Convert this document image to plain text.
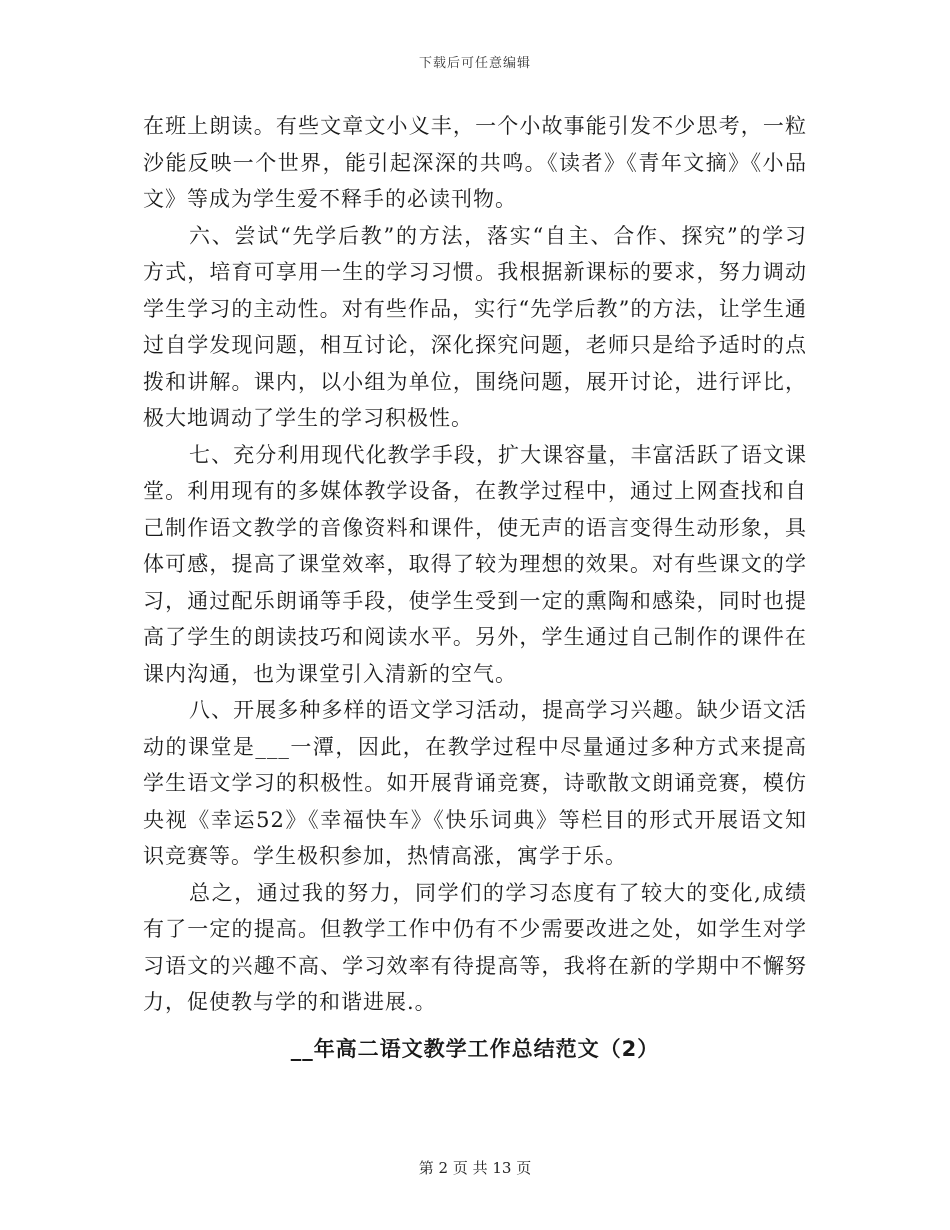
下载后可任意编辑

在班上朗读。有些文章文小义丰，一个小故事能引发不少思考，一粒沙能反映一个世界，能引起深深的共鸣。《读者》《青年文摘》《小品文》等成为学生爱不释手的必读刊物。

六、尝试“先学后教”的方法，落实“自主、合作、探究”的学习方式，培育可享用一生的学习习惯。我根据新课标的要求，努力调动学生学习的主动性。对有些作品，实行“先学后教”的方法，让学生通过自学发现问题，相互讨论，深化探究问题，老师只是给予适时的点拨和讲解。课内，以小组为单位，围绕问题，展开讨论，进行评比，极大地调动了学生的学习积极性。

七、充分利用现代化教学手段，扩大课容量，丰富活跃了语文课堂。利用现有的多媒体教学设备，在教学过程中，通过上网查找和自己制作语文教学的音像资料和课件，使无声的语言变得生动形象，具体可感，提高了课堂效率，取得了较为理想的效果。对有些课文的学习，通过配乐朗诵等手段，使学生受到一定的熏陶和感染，同时也提高了学生的朗读技巧和阅读水平。另外，学生通过自己制作的课件在课内沟通，也为课堂引入清新的空气。

八、开展多种多样的语文学习活动，提高学习兴趣。缺少语文活动的课堂是___一潭，因此，在教学过程中尽量通过多种方式来提高学生语文学习的积极性。如开展背诵竞赛，诗歌散文朗诵竞赛，模仿央视《幸运52》《幸福快车》《快乐词典》等栏目的形式开展语文知识竞赛等。学生极积参加，热情高涨，寓学于乐。

总之，通过我的努力，同学们的学习态度有了较大的变化,成绩有了一定的提高。但教学工作中仍有不少需要改进之处，如学生对学习语文的兴趣不高、学习效率有待提高等，我将在新的学期中不懈努力，促使教与学的和谐进展.。

__年高二语文教学工作总结范文（2）
第 2 页 共 13 页
